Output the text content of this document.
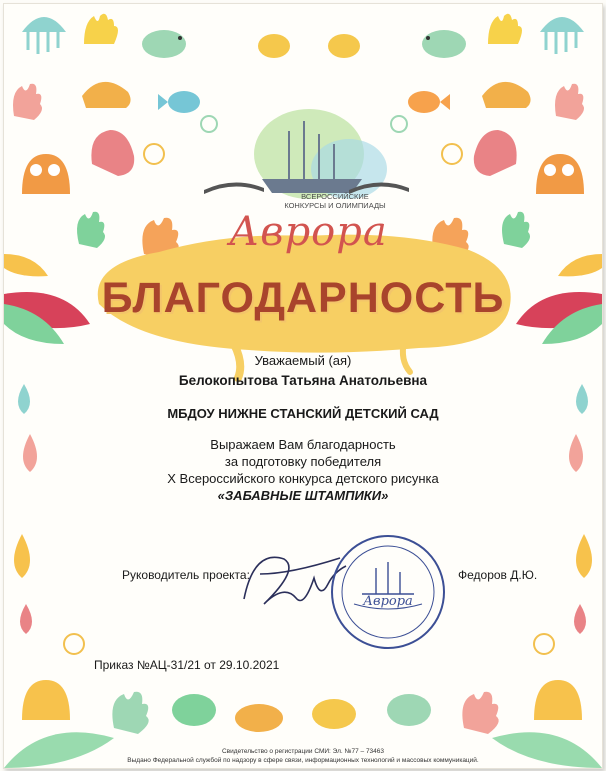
ВСЕРОССИЙСКИЕ
КОНКУРСЫ И ОЛИМПИАДЫ
Аврора
БЛАГОДАРНОСТЬ
Уважаемый (ая)
Белокопытова Татьяна Анатольевна
МБДОУ НИЖНЕ СТАНСКИЙ ДЕТСКИЙ САД
Выражаем Вам благодарность
за подготовку победителя
X Всероссийского конкурса детского рисунка
«ЗАБАВНЫЕ ШТАМПИКИ»
Руководитель проекта:	Федоров Д.Ю.
Аврора
Приказ №АЦ-31/21 от 29.10.2021
Свидетельство о регистрации СМИ: Эл. №77 – 73463
Выдано Федеральной службой по надзору в сфере связи, информационных технологий и массовых коммуникаций.
